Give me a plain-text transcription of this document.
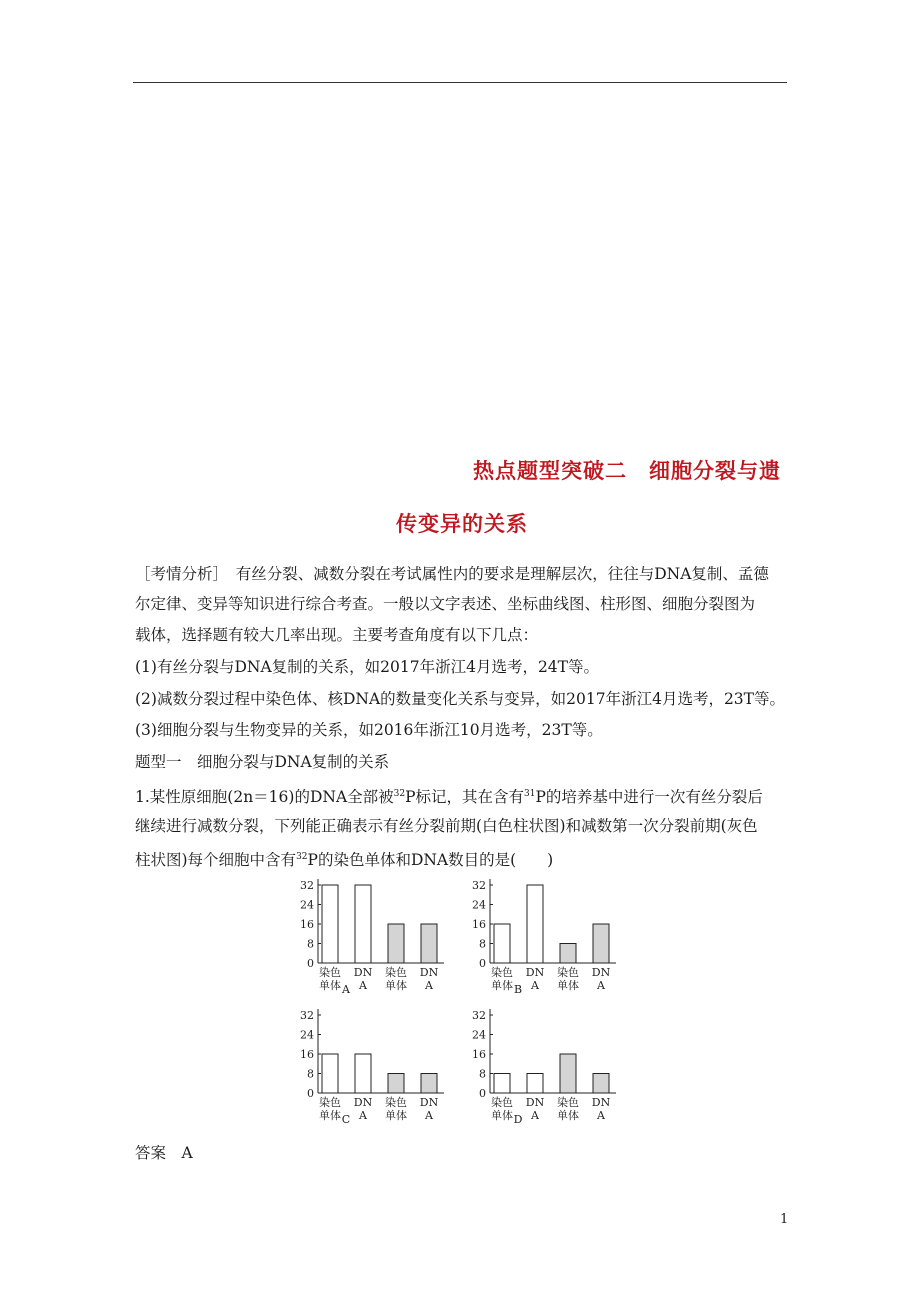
热点题型突破二　细胞分裂与遗
传变异的关系
［考情分析］　有丝分裂、减数分裂在考试属性内的要求是理解层次，往往与DNA复制、孟德
尔定律、变异等知识进行综合考查。一般以文字表述、坐标曲线图、柱形图、细胞分裂图为
载体，选择题有较大几率出现。主要考查角度有以下几点：
(1)有丝分裂与DNA复制的关系，如2017年浙江4月选考，24T等。
(2)减数分裂过程中染色体、核DNA的数量变化关系与变异，如2017年浙江4月选考，23T等。
(3)细胞分裂与生物变异的关系，如2016年浙江10月选考，23T等。
题型一　细胞分裂与DNA复制的关系
1.某性原细胞(2n＝16)的DNA全部被$^{32}$P标记，其在含有$^{31}$P的培养基中进行一次有丝分裂后
继续进行减数分裂，下列能正确表示有丝分裂前期(白色柱状图)和减数第一次分裂前期(灰色
柱状图)每个细胞中含有$^{32}$P的染色单体和DNA数目的是(　　)
0
8
16
24
32
染色
单体
DN
A
染色
单体
DN
A
A
0
8
16
24
32
染色
单体
DN
A
染色
单体
DN
A
B
0
8
16
24
32
染色
单体
DN
A
染色
单体
DN
A
C
0
8
16
24
32
染色
单体
DN
A
染色
单体
DN
A
D
答案　A
1
